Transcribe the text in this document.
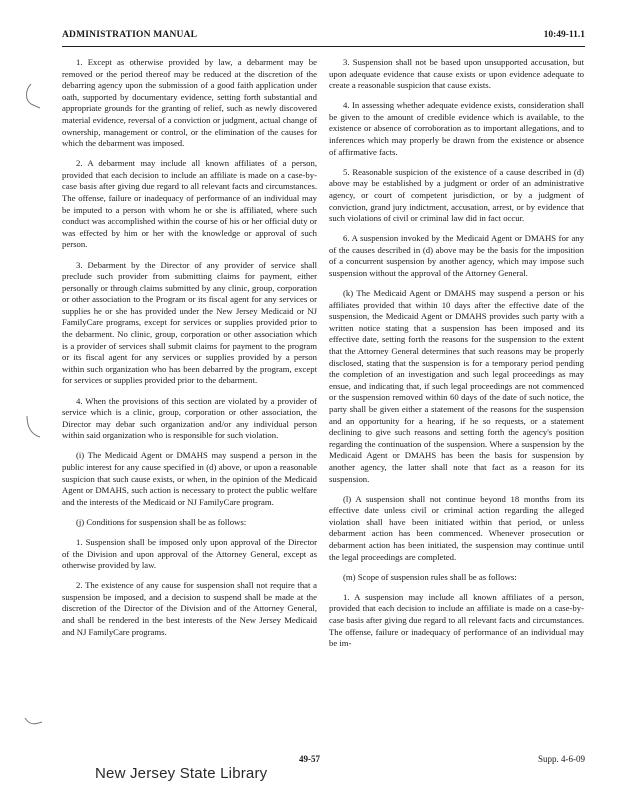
ADMINISTRATION MANUAL	10:49-11.1

1. Except as otherwise provided by law, a debarment may be removed or the period thereof may be reduced at the discretion of the debarring agency upon the submission of a good faith application under oath, supported by documentary evidence, setting forth substantial and appropriate grounds for the granting of relief, such as newly discovered material evidence, reversal of a conviction or judgment, actual change of ownership, management or control, or the elimination of the causes for which the debarment was imposed.

2. A debarment may include all known affiliates of a person, provided that each decision to include an affiliate is made on a case-by-case basis after giving due regard to all relevant facts and circumstances. The offense, failure or inadequacy of performance of an individual may be imputed to a person with whom he or she is affiliated, where such conduct was accomplished within the course of his or her official duty or was effected by him or her with the knowledge or approval of such person.

3. Debarment by the Director of any provider of service shall preclude such provider from submitting claims for payment, either personally or through claims submitted by any clinic, group, corporation or other association to the Program or its fiscal agent for any services or supplies he or she has provided under the New Jersey Medicaid or NJ FamilyCare programs, except for services or supplies provided prior to the debarment. No clinic, group, corporation or other association which is a provider of services shall submit claims for payment to the program or its fiscal agent for any services or supplies provided by a person within such organization who has been debarred by the program, except for services or supplies provided prior to the debarment.

4. When the provisions of this section are violated by a provider of service which is a clinic, group, corporation or other association, the Director may debar such organization and/or any individual person within said organization who is responsible for such violation.

(i) The Medicaid Agent or DMAHS may suspend a person in the public interest for any cause specified in (d) above, or upon a reasonable suspicion that such cause exists, or when, in the opinion of the Medicaid Agent or DMAHS, such action is necessary to protect the public welfare and the interests of the Medicaid or NJ FamilyCare program.

(j) Conditions for suspension shall be as follows:

1. Suspension shall be imposed only upon approval of the Director of the Division and upon approval of the Attorney General, except as otherwise provided by law.

2. The existence of any cause for suspension shall not require that a suspension be imposed, and a decision to suspend shall be made at the discretion of the Director of the Division and of the Attorney General, and shall be rendered in the best interests of the New Jersey Medicaid and NJ FamilyCare programs.

3. Suspension shall not be based upon unsupported accusation, but upon adequate evidence that cause exists or upon evidence adequate to create a reasonable suspicion that cause exists.

4. In assessing whether adequate evidence exists, consideration shall be given to the amount of credible evidence which is available, to the existence or absence of corroboration as to important allegations, and to inferences which may properly be drawn from the existence or absence of affirmative facts.

5. Reasonable suspicion of the existence of a cause described in (d) above may be established by a judgment or order of an administrative agency, or court of competent jurisdiction, or by a judgment of conviction, grand jury indictment, accusation, arrest, or by evidence that such violations of civil or criminal law did in fact occur.

6. A suspension invoked by the Medicaid Agent or DMAHS for any of the causes described in (d) above may be the basis for the imposition of a concurrent suspension by another agency, which may impose such suspension without the approval of the Attorney General.

(k) The Medicaid Agent or DMAHS may suspend a person or his affiliates provided that within 10 days after the effective date of the suspension, the Medicaid Agent or DMAHS provides such party with a written notice stating that a suspension has been imposed and its effective date, setting forth the reasons for the suspension to the extent that the Attorney General determines that such reasons may be properly disclosed, stating that the suspension is for a temporary period pending the completion of an investigation and such legal proceedings as may ensue, and indicating that, if such legal proceedings are not commenced or the suspension removed within 60 days of the date of such notice, the party shall be given either a statement of the reasons for the suspension and an opportunity for a hearing, if he so requests, or a statement declining to give such reasons and setting forth the agency's position regarding the continuation of the suspension. Where a suspension by the Medicaid Agent or DMAHS has been the basis for suspension by another agency, the latter shall note that fact as a reason for its suspension.

(l) A suspension shall not continue beyond 18 months from its effective date unless civil or criminal action regarding the alleged violation shall have been initiated within that period, or unless debarment action has been commenced. Whenever prosecution or debarment action has been initiated, the suspension may continue until the legal proceedings are completed.

(m) Scope of suspension rules shall be as follows:

1. A suspension may include all known affiliates of a person, provided that each decision to include an affiliate is made on a case-by-case basis after giving due regard to all relevant facts and circumstances. The offense, failure or inadequacy of performance of an individual may be im-

49-57	Supp. 4-6-09
New Jersey State Library
